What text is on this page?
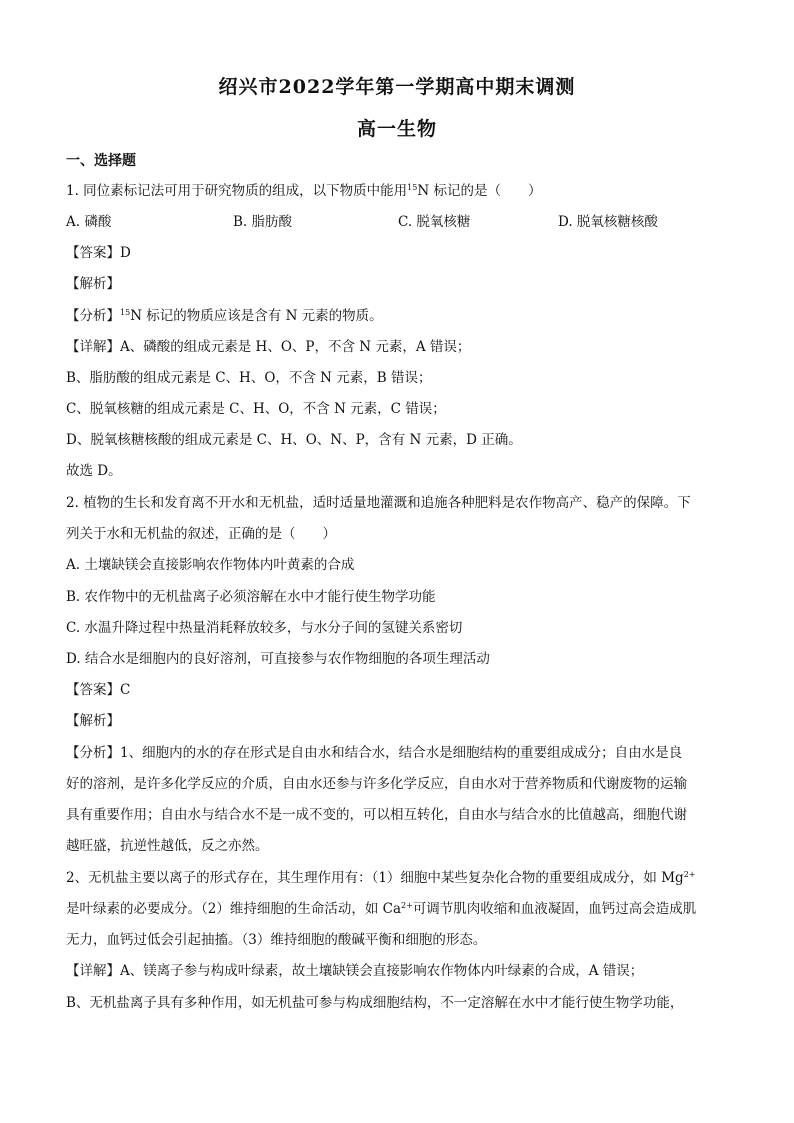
绍兴市2022学年第一学期高中期末调测
高一生物
一、选择题
1. 同位素标记法可用于研究物质的组成，以下物质中能用$^{15}$N 标记的是（　　）
A. 磷酸	B. 脂肪酸	C. 脱氧核糖	D. 脱氧核糖核酸
【答案】D
【解析】
【分析】$^{15}$N 标记的物质应该是含有 N 元素的物质。
【详解】A、磷酸的组成元素是 H、O、P，不含 N 元素，A 错误；
B、脂肪酸的组成元素是 C、H、O，不含 N 元素，B 错误；
C、脱氧核糖的组成元素是 C、H、O，不含 N 元素，C 错误；
D、脱氧核糖核酸的组成元素是 C、H、O、N、P，含有 N 元素，D 正确。
故选 D。
2. 植物的生长和发育离不开水和无机盐，适时适量地灌溉和追施各种肥料是农作物高产、稳产的保障。下
列关于水和无机盐的叙述，正确的是（　　）
A. 土壤缺镁会直接影响农作物体内叶黄素的合成
B. 农作物中的无机盐离子必须溶解在水中才能行使生物学功能
C. 水温升降过程中热量消耗释放较多，与水分子间的氢键关系密切
D. 结合水是细胞内的良好溶剂，可直接参与农作物细胞的各项生理活动
【答案】C
【解析】
【分析】1、细胞内的水的存在形式是自由水和结合水，结合水是细胞结构的重要组成成分；自由水是良
好的溶剂，是许多化学反应的介质，自由水还参与许多化学反应，自由水对于营养物质和代谢废物的运输
具有重要作用；自由水与结合水不是一成不变的，可以相互转化，自由水与结合水的比值越高，细胞代谢
越旺盛，抗逆性越低，反之亦然。
2、无机盐主要以离子的形式存在，其生理作用有：（1）细胞中某些复杂化合物的重要组成成分，如 $Mg^{2+}$
是叶绿素的必要成分。（2）维持细胞的生命活动，如 $Ca^{2+}$可调节肌肉收缩和血液凝固，血钙过高会造成肌
无力，血钙过低会引起抽搐。（3）维持细胞的酸碱平衡和细胞的形态。
【详解】A、镁离子参与构成叶绿素，故土壤缺镁会直接影响农作物体内叶绿素的合成，A 错误；
B、无机盐离子具有多种作用，如无机盐可参与构成细胞结构，不一定溶解在水中才能行使生物学功能，
